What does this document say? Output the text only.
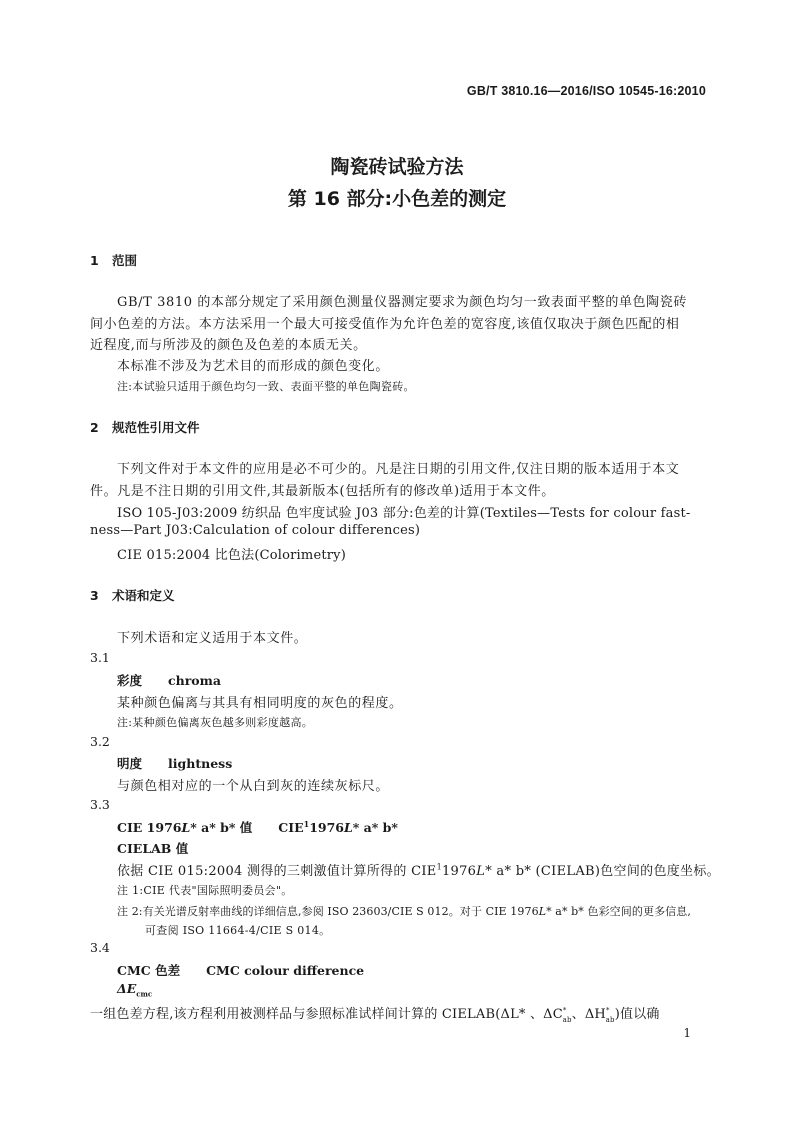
GB/T 3810.16—2016/ISO 10545-16:2010
陶瓷砖试验方法
第 16 部分:小色差的测定
1 范围
GB/T 3810 的本部分规定了采用颜色测量仪器测定要求为颜色均匀一致表面平整的单色陶瓷砖
间小色差的方法。本方法采用一个最大可接受值作为允许色差的宽容度,该值仅取决于颜色匹配的相
近程度,而与所涉及的颜色及色差的本质无关。
本标准不涉及为艺术目的而形成的颜色变化。
注:本试验只适用于颜色均匀一致、表面平整的单色陶瓷砖。
2 规范性引用文件
下列文件对于本文件的应用是必不可少的。凡是注日期的引用文件,仅注日期的版本适用于本文
件。凡是不注日期的引用文件,其最新版本(包括所有的修改单)适用于本文件。
ISO 105-J03:2009 纺织品 色牢度试验 J03 部分:色差的计算(Textiles—Tests for colour fast-
ness—Part J03:Calculation of colour differences)
CIE 015:2004 比色法(Colorimetry)
3 术语和定义
下列术语和定义适用于本文件。
3.1
彩度 chroma
某种颜色偏离与其具有相同明度的灰色的程度。
注:某种颜色偏离灰色越多则彩度越高。
3.2
明度 lightness
与颜色相对应的一个从白到灰的连续灰标尺。
3.3
CIE 1976L* a* b* 值 CIE$^1$1976L* a* b*
CIELAB 值
依据 CIE 015:2004 测得的三刺激值计算所得的 CIE$^1$1976L* a* b* (CIELAB)色空间的色度坐标。
注 1:CIE 代表"国际照明委员会"。
注 2:有关光谱反射率曲线的详细信息,参阅 ISO 23603/CIE S 012。对于 CIE 1976L* a* b* 色彩空间的更多信息,
可查阅 ISO 11664-4/CIE S 014。
3.4
CMC 色差 CMC colour difference
$\Delta E_{cmc}$
一组色差方程,该方程利用被测样品与参照标准试样间计算的 CIELAB(ΔL* 、$\Delta C^*_{ab}$、$\Delta H^*_{ab}$)值以确
1
